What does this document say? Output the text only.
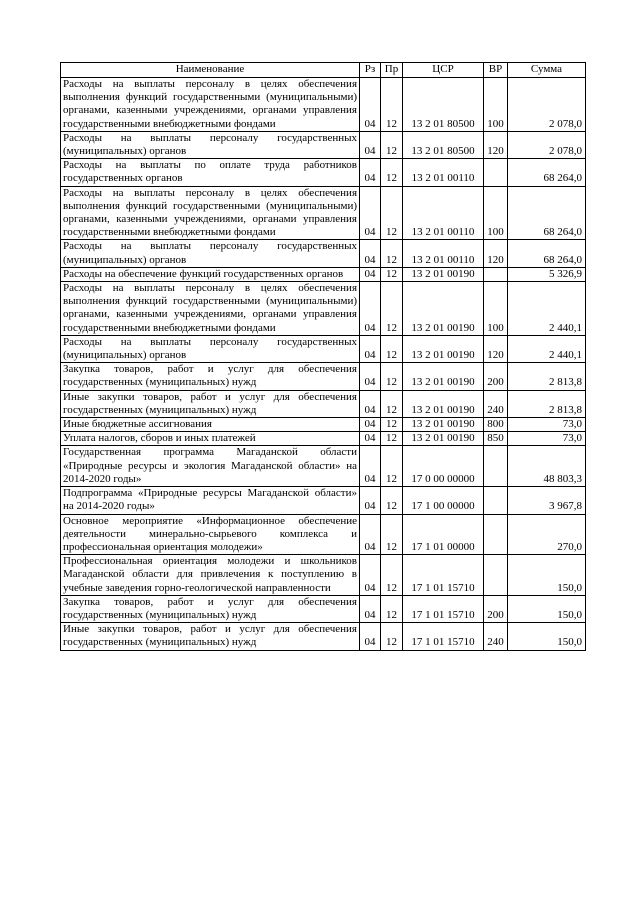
Наименование	Рз	Пр	ЦСР	ВР	Сумма
Расходы на выплаты персоналу в целях обеспечения выполнения функций государственными (муниципальными) органами, казенными учреждениями, органами управления государственными внебюджетными фондами	04	12	13 2 01 80500	100	2 078,0
Расходы на выплаты персоналу государственных (муниципальных) органов	04	12	13 2 01 80500	120	2 078,0
Расходы на выплаты по оплате труда работников государственных органов	04	12	13 2 01 00110		68 264,0
Расходы на выплаты персоналу в целях обеспечения выполнения функций государственными (муниципальными) органами, казенными учреждениями, органами управления государственными внебюджетными фондами	04	12	13 2 01 00110	100	68 264,0
Расходы на выплаты персоналу государственных (муниципальных) органов	04	12	13 2 01 00110	120	68 264,0
Расходы на обеспечение функций государственных органов	04	12	13 2 01 00190		5 326,9
Расходы на выплаты персоналу в целях обеспечения выполнения функций государственными (муниципальными) органами, казенными учреждениями, органами управления государственными внебюджетными фондами	04	12	13 2 01 00190	100	2 440,1
Расходы на выплаты персоналу государственных (муниципальных) органов	04	12	13 2 01 00190	120	2 440,1
Закупка товаров, работ и услуг для обеспечения государственных (муниципальных) нужд	04	12	13 2 01 00190	200	2 813,8
Иные закупки товаров, работ и услуг для обеспечения государственных (муниципальных) нужд	04	12	13 2 01 00190	240	2 813,8
Иные бюджетные ассигнования	04	12	13 2 01 00190	800	73,0
Уплата налогов, сборов и иных платежей	04	12	13 2 01 00190	850	73,0
Государственная программа Магаданской области «Природные ресурсы и экология Магаданской области» на 2014-2020 годы»	04	12	17 0 00 00000		48 803,3
Подпрограмма «Природные ресурсы Магаданской области» на 2014-2020 годы»	04	12	17 1 00 00000		3 967,8
Основное мероприятие «Информационное обеспечение деятельности минерально-сырьевого комплекса и профессиональная ориентация молодежи»	04	12	17 1 01 00000		270,0
Профессиональная ориентация молодежи и школьников Магаданской области для привлечения к поступлению в учебные заведения горно-геологической направленности	04	12	17 1 01 15710		150,0
Закупка товаров, работ и услуг для обеспечения государственных (муниципальных) нужд	04	12	17 1 01 15710	200	150,0
Иные закупки товаров, работ и услуг для обеспечения государственных (муниципальных) нужд	04	12	17 1 01 15710	240	150,0
